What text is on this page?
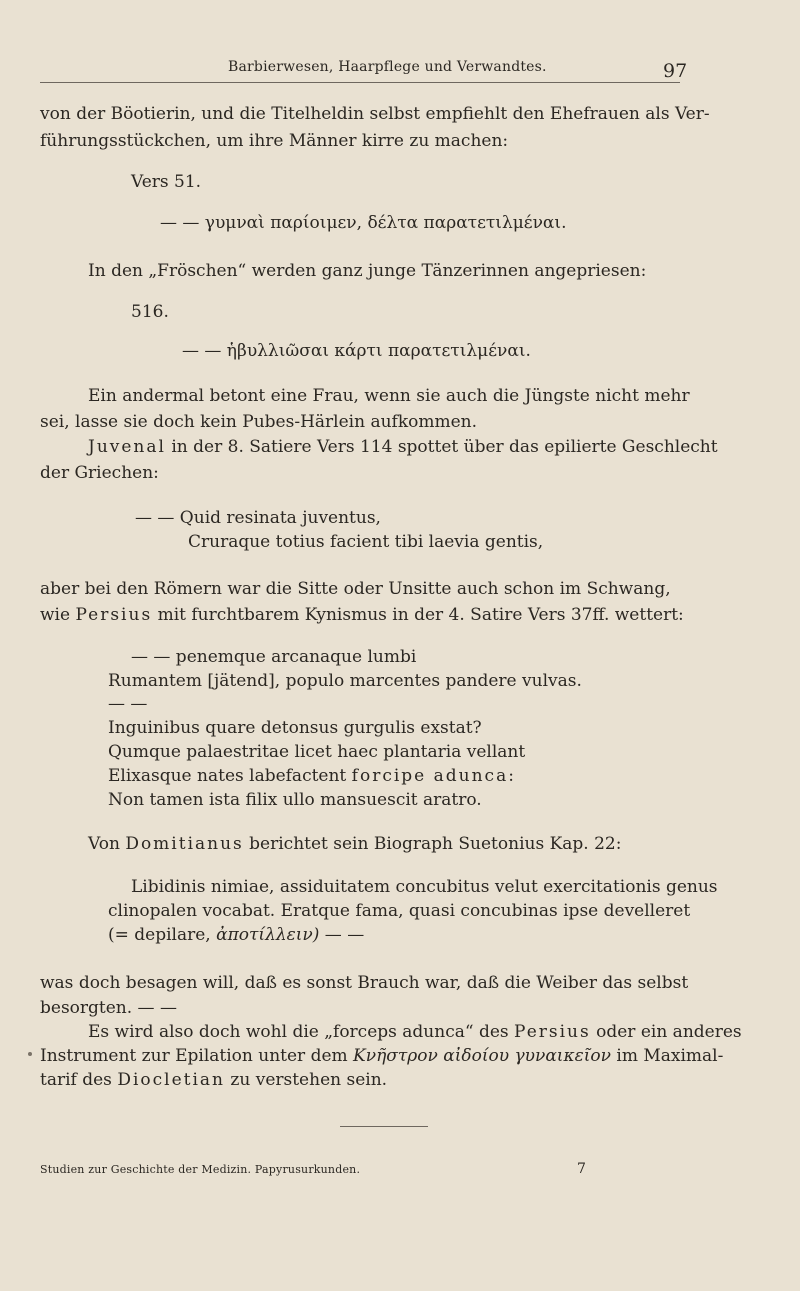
Barbierwesen, Haarpflege und Verwandtes.	97
von der Böotierin, und die Titelheldin selbst empfiehlt den Ehefrauen als Ver-
führungsstückchen, um ihre Männer kirre zu machen:
Vers 51.
— — γυμναὶ παρίοιμεν, δέλτα παρατετιλμέναι.
In den „Fröschen“ werden ganz junge Tänzerinnen angepriesen:
516.
— — ἡβυλλιῶσαι κάρτι παρατετιλμέναι.
Ein andermal betont eine Frau, wenn sie auch die Jüngste nicht mehr
sei, lasse sie doch kein Pubes-Härlein aufkommen.
Juvenal in der 8. Satiere Vers 114 spottet über das epilierte Geschlecht
der Griechen:
— — Quid resinata juventus,
Cruraque totius facient tibi laevia gentis,
aber bei den Römern war die Sitte oder Unsitte auch schon im Schwang,
wie Persius mit furchtbarem Kynismus in der 4. Satire Vers 37ff. wettert:
— — penemque arcanaque lumbi
Rumantem [jätend], populo marcentes pandere vulvas.
— —
Inguinibus quare detonsus gurgulis exstat?
Qumque palaestritae licet haec plantaria vellant
Elixasque nates labefactent forcipe adunca:
Non tamen ista filix ullo mansuescit aratro.
Von Domitianus berichtet sein Biograph Suetonius Kap. 22:
Libidinis nimiae, assiduitatem concubitus velut exercitationis genus
clinopalen vocabat. Eratque fama, quasi concubinas ipse develleret
(= depilare, ἀποτίλλειν) — —
was doch besagen will, daß es sonst Brauch war, daß die Weiber das selbst
besorgten. — —
Es wird also doch wohl die „forceps adunca“ des Persius oder ein anderes
Instrument zur Epilation unter dem Κνῆστρον αἰδοίου γυναικεῖον im Maximal-
tarif des Diocletian zu verstehen sein.
Studien zur Geschichte der Medizin. Papyrusurkunden.	7
